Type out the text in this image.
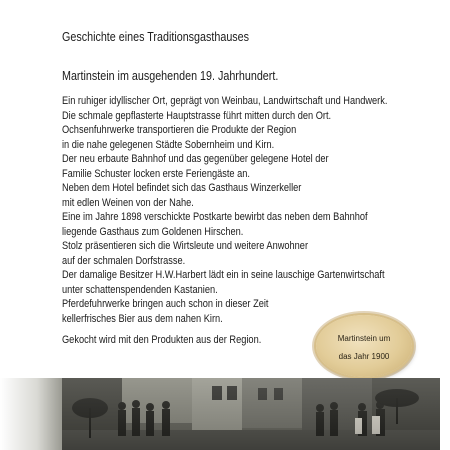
Geschichte eines Traditionsgasthauses
Martinstein im ausgehenden 19. Jahrhundert.
Ein ruhiger idyllischer Ort, geprägt von Weinbau, Landwirtschaft und Handwerk.
Die schmale gepflasterte Hauptstrasse führt mitten durch den Ort.
Ochsenfuhrwerke transportieren die Produkte der Region
in die nahe gelegenen Städte Sobernheim und Kirn.
Der neu erbaute Bahnhof und das gegenüber gelegene Hotel der
Familie Schuster locken erste Feriengäste an.
Neben dem Hotel befindet sich das Gasthaus Winzerkeller
mit edlen Weinen von der Nahe.
Eine im Jahre 1898 verschickte Postkarte bewirbt das neben dem Bahnhof
liegende Gasthaus zum Goldenen Hirschen.
Stolz präsentieren sich die Wirtsleute und weitere Anwohner
auf der schmalen Dorfstrasse.
Der damalige Besitzer H.W.Harbert lädt ein in seine lauschige Gartenwirtschaft
unter schattenspendenden Kastanien.
Pferdefuhrwerke bringen auch schon in dieser Zeit
kellerfrisches Bier aus dem nahen Kirn.
Gekocht wird mit den Produkten aus der Region.	Martinstein um
das Jahr 1900
